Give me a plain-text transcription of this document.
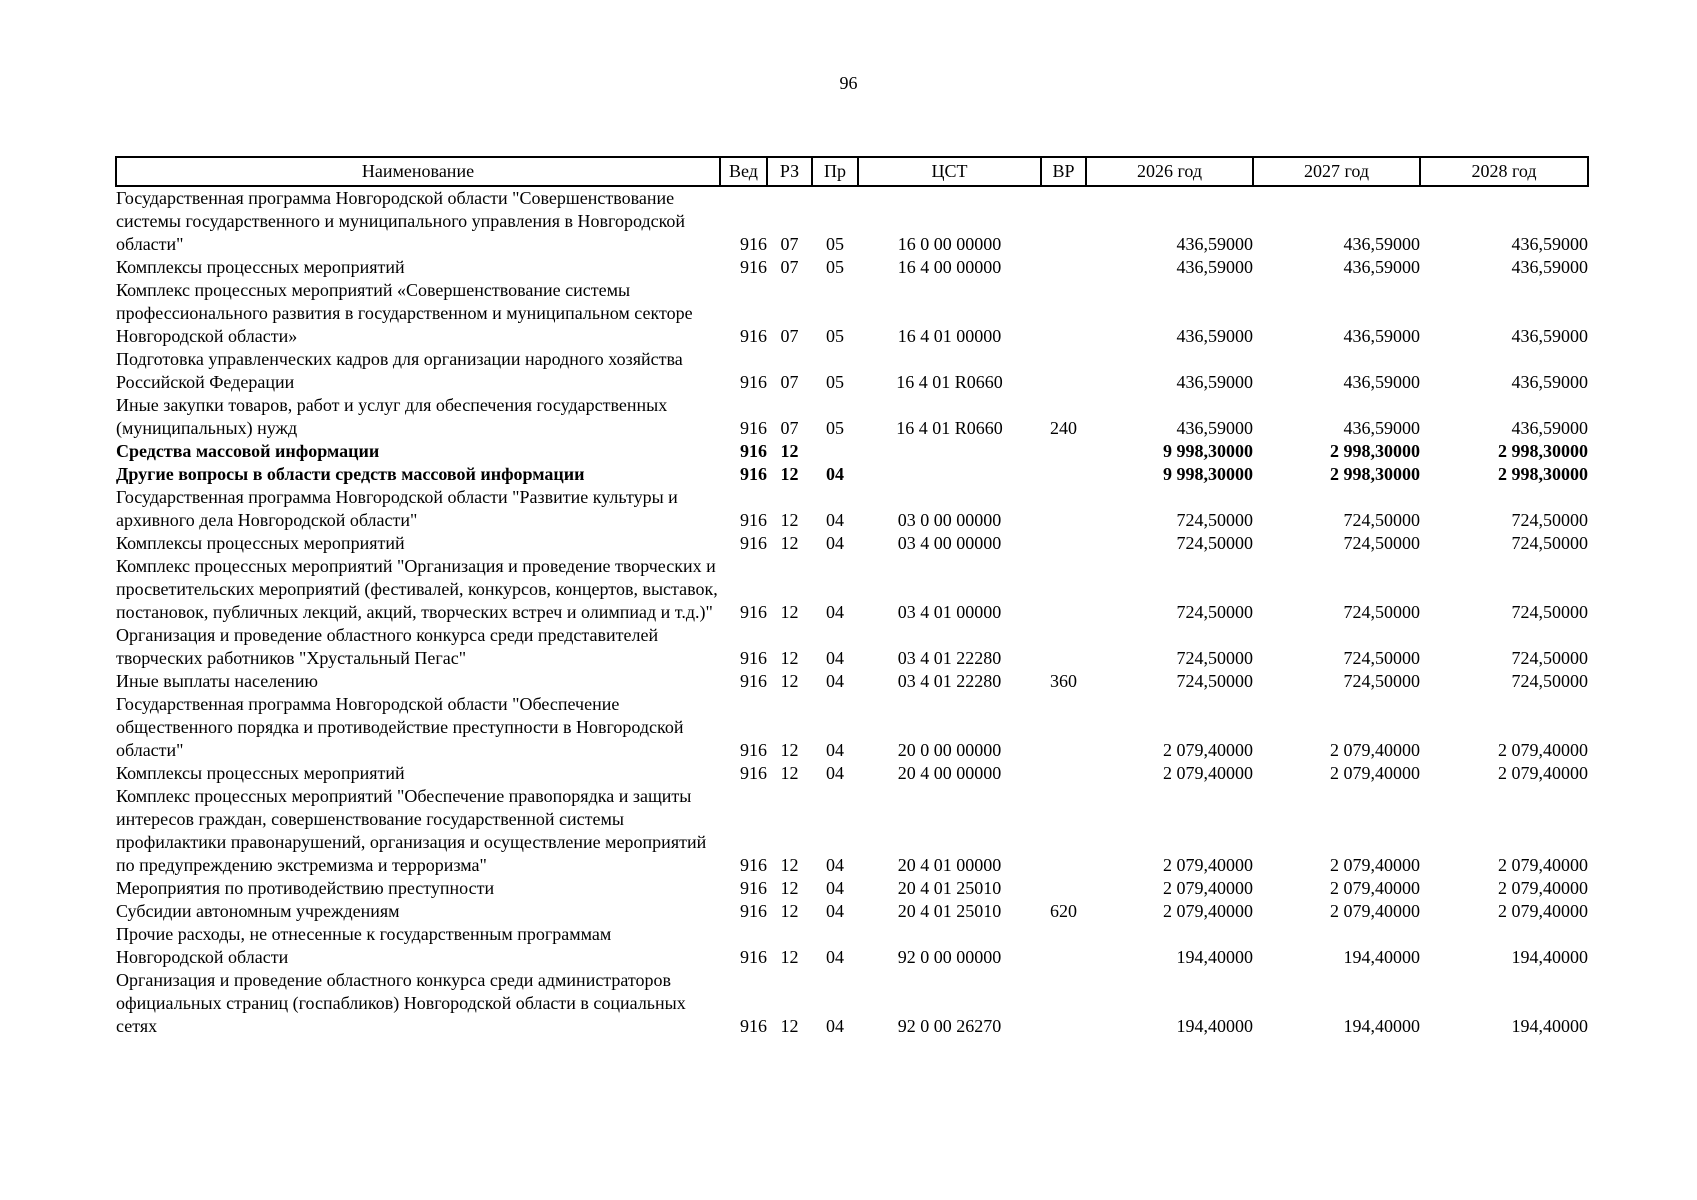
96
Наименование	Вед	РЗ	Пр	ЦСТ	ВР	2026 год	2027 год	2028 год
Государственная программа Новгородской области "Совершенствование системы государственного и муниципального управления в Новгородской области"	916	07	05	16 0 00 00000		436,59000	436,59000	436,59000
Комплексы процессных мероприятий	916	07	05	16 4 00 00000		436,59000	436,59000	436,59000
Комплекс процессных мероприятий «Совершенствование системы профессионального развития в государственном и муниципальном секторе Новгородской области»	916	07	05	16 4 01 00000		436,59000	436,59000	436,59000
Подготовка управленческих кадров для организации народного хозяйства Российской Федерации	916	07	05	16 4 01 R0660		436,59000	436,59000	436,59000
Иные закупки товаров, работ и услуг для обеспечения государственных (муниципальных) нужд	916	07	05	16 4 01 R0660	240	436,59000	436,59000	436,59000
Средства массовой информации	916	12				9 998,30000	2 998,30000	2 998,30000
Другие вопросы в области средств массовой информации	916	12	04			9 998,30000	2 998,30000	2 998,30000
Государственная программа Новгородской области "Развитие культуры и архивного дела Новгородской области"	916	12	04	03 0 00 00000		724,50000	724,50000	724,50000
Комплексы процессных мероприятий	916	12	04	03 4 00 00000		724,50000	724,50000	724,50000
Комплекс процессных мероприятий "Организация и проведение творческих и просветительских мероприятий (фестивалей, конкурсов, концертов, выставок, постановок, публичных лекций, акций, творческих встреч и олимпиад и т.д.)"	916	12	04	03 4 01 00000		724,50000	724,50000	724,50000
Организация и проведение областного конкурса среди представителей творческих работников "Хрустальный Пегас"	916	12	04	03 4 01 22280		724,50000	724,50000	724,50000
Иные выплаты населению	916	12	04	03 4 01 22280	360	724,50000	724,50000	724,50000
Государственная программа Новгородской области "Обеспечение общественного порядка и противодействие преступности в Новгородской области"	916	12	04	20 0 00 00000		2 079,40000	2 079,40000	2 079,40000
Комплексы процессных мероприятий	916	12	04	20 4 00 00000		2 079,40000	2 079,40000	2 079,40000
Комплекс процессных мероприятий "Обеспечение правопорядка и защиты интересов граждан, совершенствование государственной системы профилактики правонарушений, организация и осуществление мероприятий по предупреждению экстремизма и терроризма"	916	12	04	20 4 01 00000		2 079,40000	2 079,40000	2 079,40000
Мероприятия по противодействию преступности	916	12	04	20 4 01 25010		2 079,40000	2 079,40000	2 079,40000
Субсидии автономным учреждениям	916	12	04	20 4 01 25010	620	2 079,40000	2 079,40000	2 079,40000
Прочие расходы, не отнесенные к государственным программам Новгородской области	916	12	04	92 0 00 00000		194,40000	194,40000	194,40000
Организация и проведение областного конкурса среди администраторов официальных страниц (госпабликов) Новгородской области в социальных сетях	916	12	04	92 0 00 26270		194,40000	194,40000	194,40000
